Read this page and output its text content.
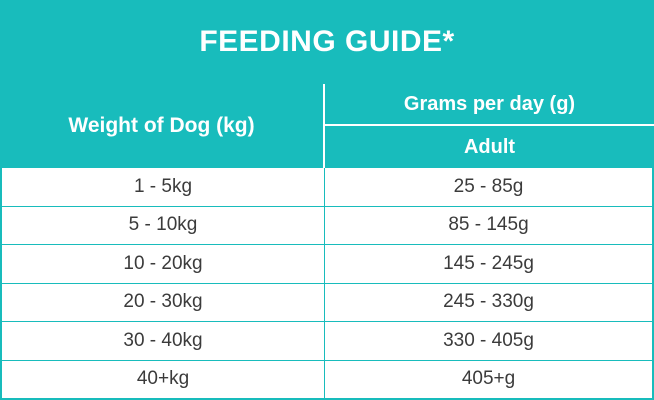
FEEDING GUIDE*
Weight of Dog (kg)
Grams per day (g)
Adult
1 - 5kg	25 - 85g
5 - 10kg	85 - 145g
10 - 20kg	145 - 245g
20 - 30kg	245 - 330g
30 - 40kg	330 - 405g
40+kg	405+g
